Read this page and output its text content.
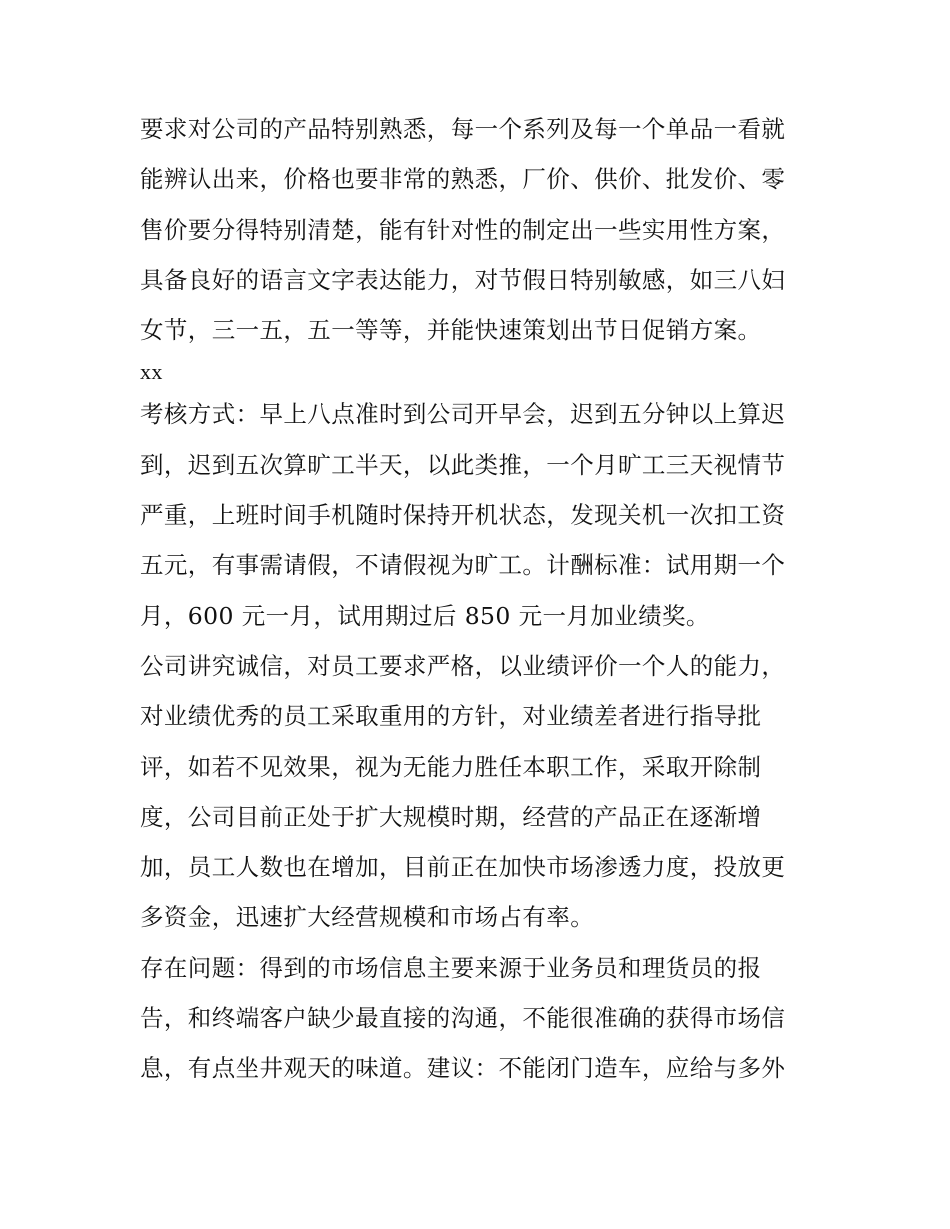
要求对公司的产品特别熟悉，每一个系列及每一个单品一看就
能辨认出来，价格也要非常的熟悉，厂价、供价、批发价、零
售价要分得特别清楚，能有针对性的制定出一些实用性方案，
具备良好的语言文字表达能力，对节假日特别敏感，如三八妇
女节，三一五，五一等等，并能快速策划出节日促销方案。
xx
考核方式：早上八点准时到公司开早会，迟到五分钟以上算迟
到，迟到五次算旷工半天，以此类推，一个月旷工三天视情节
严重，上班时间手机随时保持开机状态，发现关机一次扣工资
五元，有事需请假，不请假视为旷工。计酬标准：试用期一个
月，600 元一月，试用期过后 850 元一月加业绩奖。
公司讲究诚信，对员工要求严格，以业绩评价一个人的能力，
对业绩优秀的员工采取重用的方针，对业绩差者进行指导批
评，如若不见效果，视为无能力胜任本职工作，采取开除制
度，公司目前正处于扩大规模时期，经营的产品正在逐渐增
加，员工人数也在增加，目前正在加快市场渗透力度，投放更
多资金，迅速扩大经营规模和市场占有率。
存在问题：得到的市场信息主要来源于业务员和理货员的报
告，和终端客户缺少最直接的沟通，不能很准确的获得市场信
息，有点坐井观天的味道。建议：不能闭门造车，应给与多外
